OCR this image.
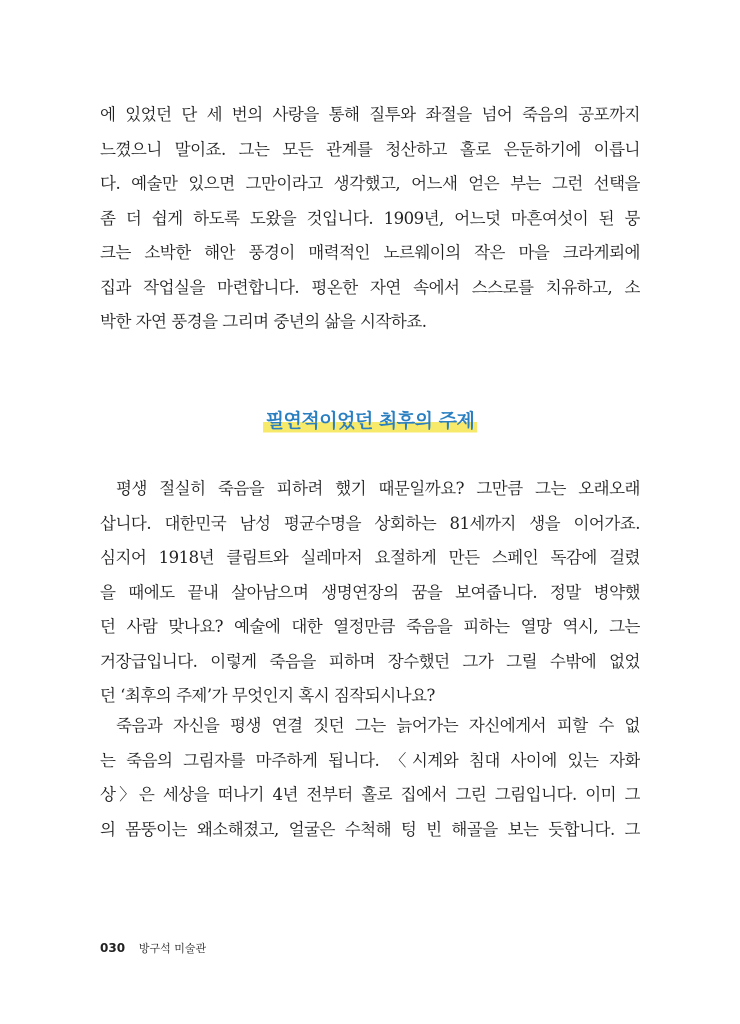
에 있었던 단 세 번의 사랑을 통해 질투와 좌절을 넘어 죽음의 공포까지
느꼈으니 말이죠. 그는 모든 관계를 청산하고 홀로 은둔하기에 이릅니
다. 예술만 있으면 그만이라고 생각했고, 어느새 얻은 부는 그런 선택을
좀 더 쉽게 하도록 도왔을 것입니다. 1909년, 어느덧 마흔여섯이 된 뭉
크는 소박한 해안 풍경이 매력적인 노르웨이의 작은 마을 크라게뢰에
집과 작업실을 마련합니다. 평온한 자연 속에서 스스로를 치유하고, 소
박한 자연 풍경을 그리며 중년의 삶을 시작하죠.
필연적이었던 최후의 주제
평생 절실히 죽음을 피하려 했기 때문일까요? 그만큼 그는 오래오래
삽니다. 대한민국 남성 평균수명을 상회하는 81세까지 생을 이어가죠.
심지어 1918년 클림트와 실레마저 요절하게 만든 스페인 독감에 걸렸
을 때에도 끝내 살아남으며 생명연장의 꿈을 보여줍니다. 정말 병약했
던 사람 맞나요? 예술에 대한 열정만큼 죽음을 피하는 열망 역시, 그는
거장급입니다. 이렇게 죽음을 피하며 장수했던 그가 그릴 수밖에 없었
던 ‘최후의 주제’가 무엇인지 혹시 짐작되시나요?
죽음과 자신을 평생 연결 짓던 그는 늙어가는 자신에게서 피할 수 없
는 죽음의 그림자를 마주하게 됩니다. 〈시계와 침대 사이에 있는 자화
상〉은 세상을 떠나기 4년 전부터 홀로 집에서 그린 그림입니다. 이미 그
의 몸뚱이는 왜소해졌고, 얼굴은 수척해 텅 빈 해골을 보는 듯합니다. 그
030 방구석 미술관
